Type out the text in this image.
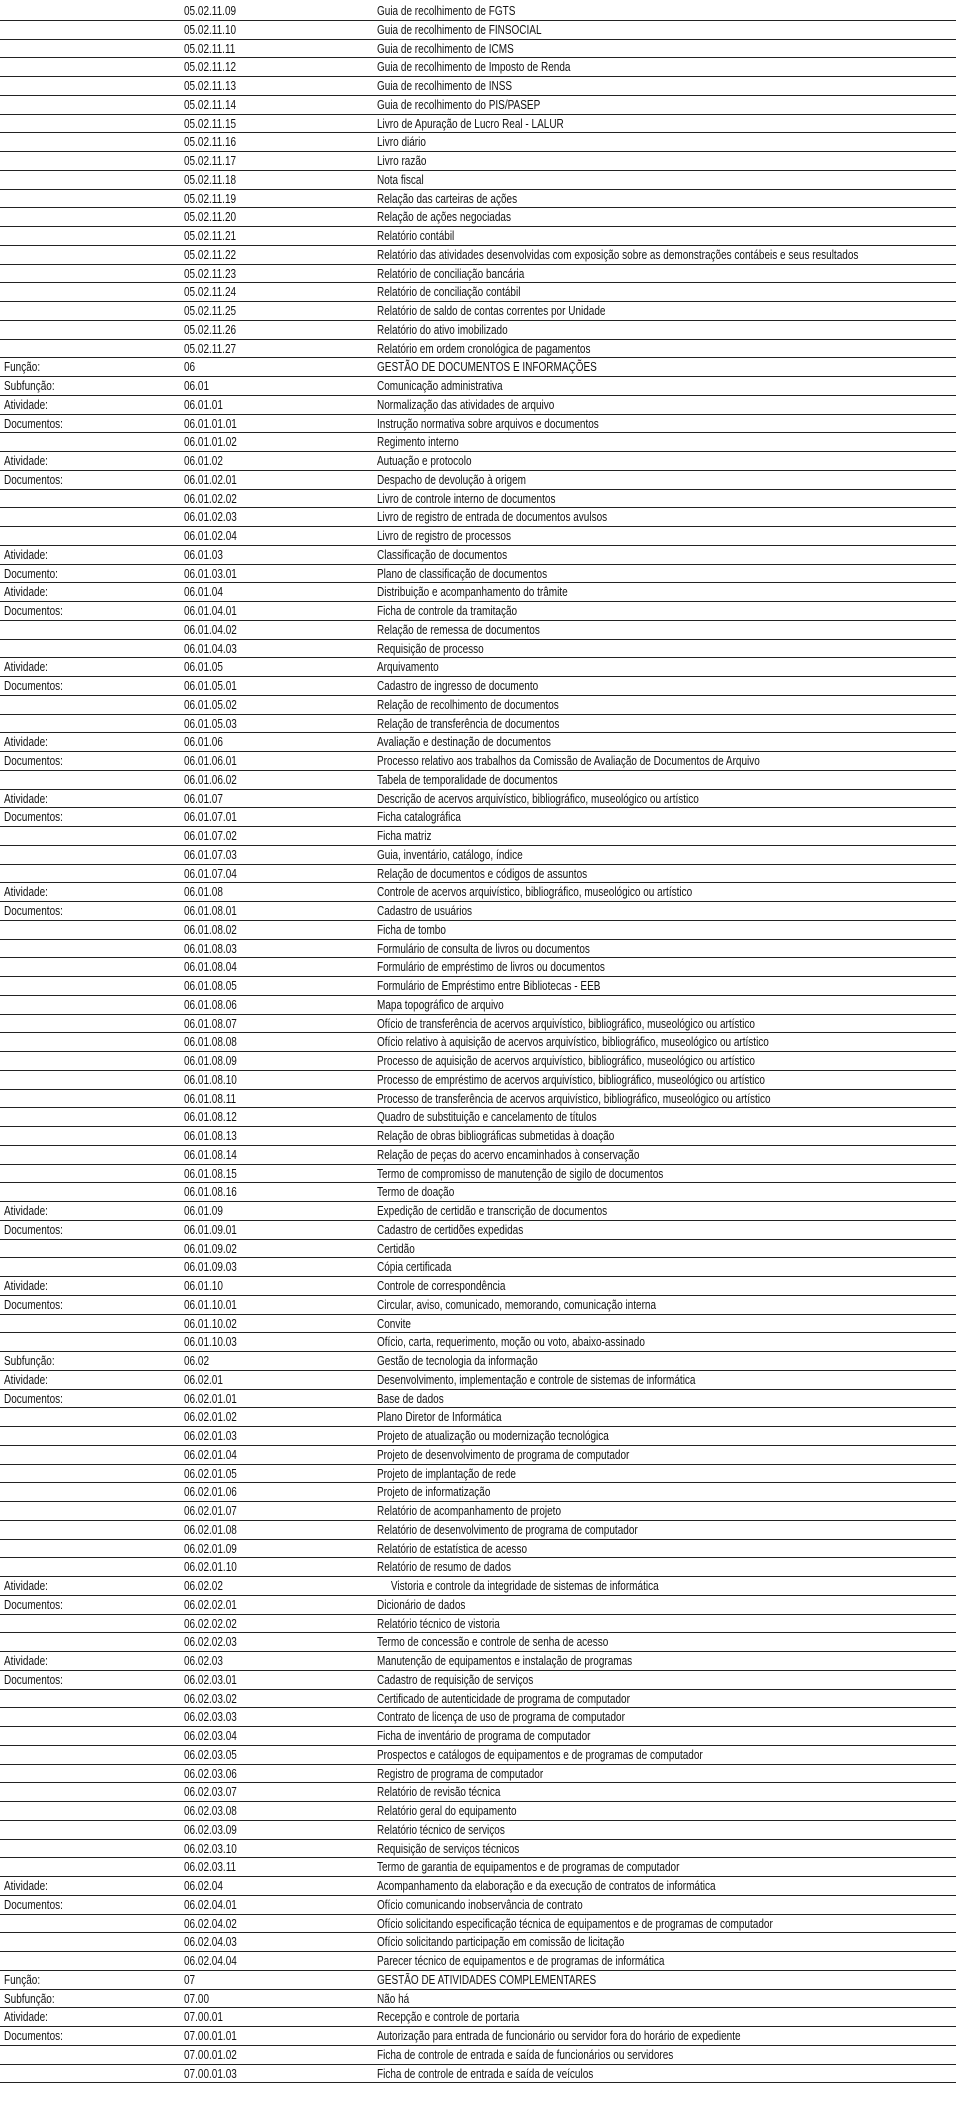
05.02.11.09	Guia de recolhimento de FGTS
05.02.11.10	Guia de recolhimento de FINSOCIAL
05.02.11.11	Guia de recolhimento de ICMS
05.02.11.12	Guia de recolhimento de Imposto de Renda
05.02.11.13	Guia de recolhimento de INSS
05.02.11.14	Guia de recolhimento do PIS/PASEP
05.02.11.15	Livro de Apuração de Lucro Real - LALUR
05.02.11.16	Livro diário
05.02.11.17	Livro razão
05.02.11.18	Nota fiscal
05.02.11.19	Relação das carteiras de ações
05.02.11.20	Relação de ações negociadas
05.02.11.21	Relatório contábil
05.02.11.22	Relatório das atividades desenvolvidas com exposição sobre as demonstrações contábeis e seus resultados
05.02.11.23	Relatório de conciliação bancária
05.02.11.24	Relatório de conciliação contábil
05.02.11.25	Relatório de saldo de contas correntes por Unidade
05.02.11.26	Relatório do ativo imobilizado
05.02.11.27	Relatório em ordem cronológica de pagamentos
Função:	06	GESTÃO DE DOCUMENTOS E INFORMAÇÕES
Subfunção:	06.01	Comunicação administrativa
Atividade:	06.01.01	Normalização das atividades de arquivo
Documentos:	06.01.01.01	Instrução normativa sobre arquivos e documentos
06.01.01.02	Regimento interno
Atividade:	06.01.02	Autuação e protocolo
Documentos:	06.01.02.01	Despacho de devolução à origem
06.01.02.02	Livro de controle interno de documentos
06.01.02.03	Livro de registro de entrada de documentos avulsos
06.01.02.04	Livro de registro de processos
Atividade:	06.01.03	Classificação de documentos
Documento:	06.01.03.01	Plano de classificação de documentos
Atividade:	06.01.04	Distribuição e acompanhamento do trâmite
Documentos:	06.01.04.01	Ficha de controle da tramitação
06.01.04.02	Relação de remessa de documentos
06.01.04.03	Requisição de processo
Atividade:	06.01.05	Arquivamento
Documentos:	06.01.05.01	Cadastro de ingresso de documento
06.01.05.02	Relação de recolhimento de documentos
06.01.05.03	Relação de transferência de documentos
Atividade:	06.01.06	Avaliação e destinação de documentos
Documentos:	06.01.06.01	Processo relativo aos trabalhos da Comissão de Avaliação de Documentos de Arquivo
06.01.06.02	Tabela de temporalidade de documentos
Atividade:	06.01.07	Descrição de acervos arquivístico, bibliográfico, museológico ou artístico
Documentos:	06.01.07.01	Ficha catalográfica
06.01.07.02	Ficha matriz
06.01.07.03	Guia, inventário, catálogo, índice
06.01.07.04	Relação de documentos e códigos de assuntos
Atividade:	06.01.08	Controle de acervos arquivístico, bibliográfico, museológico ou artístico
Documentos:	06.01.08.01	Cadastro de usuários
06.01.08.02	Ficha de tombo
06.01.08.03	Formulário de consulta de livros ou documentos
06.01.08.04	Formulário de empréstimo de livros ou documentos
06.01.08.05	Formulário de Empréstimo entre Bibliotecas - EEB
06.01.08.06	Mapa topográfico de arquivo
06.01.08.07	Ofício de transferência de acervos arquivístico, bibliográfico, museológico ou artístico
06.01.08.08	Ofício relativo à aquisição de acervos arquivístico, bibliográfico, museológico ou artístico
06.01.08.09	Processo de aquisição de acervos arquivístico, bibliográfico, museológico ou artístico
06.01.08.10	Processo de empréstimo de acervos arquivístico, bibliográfico, museológico ou artístico
06.01.08.11	Processo de transferência de acervos arquivístico, bibliográfico, museológico ou artístico
06.01.08.12	Quadro de substituição e cancelamento de títulos
06.01.08.13	Relação de obras bibliográficas submetidas à doação
06.01.08.14	Relação de peças do acervo encaminhados à conservação
06.01.08.15	Termo de compromisso de manutenção de sigilo de documentos
06.01.08.16	Termo de doação
Atividade:	06.01.09	Expedição de certidão e transcrição de documentos
Documentos:	06.01.09.01	Cadastro de certidões expedidas
06.01.09.02	Certidão
06.01.09.03	Cópia certificada
Atividade:	06.01.10	Controle de correspondência
Documentos:	06.01.10.01	Circular, aviso, comunicado, memorando, comunicação interna
06.01.10.02	Convite
06.01.10.03	Ofício, carta, requerimento, moção ou voto, abaixo-assinado
Subfunção:	06.02	Gestão de tecnologia da informação
Atividade:	06.02.01	Desenvolvimento, implementação e controle de sistemas de informática
Documentos:	06.02.01.01	Base de dados
06.02.01.02	Plano Diretor de Informática
06.02.01.03	Projeto de atualização ou modernização tecnológica
06.02.01.04	Projeto de desenvolvimento de programa de computador
06.02.01.05	Projeto de implantação de rede
06.02.01.06	Projeto de informatização
06.02.01.07	Relatório de acompanhamento de projeto
06.02.01.08	Relatório de desenvolvimento de programa de computador
06.02.01.09	Relatório de estatística de acesso
06.02.01.10	Relatório de resumo de dados
Atividade:	06.02.02	Vistoria e controle da integridade de sistemas de informática
Documentos:	06.02.02.01	Dicionário de dados
06.02.02.02	Relatório técnico de vistoria
06.02.02.03	Termo de concessão e controle de senha de acesso
Atividade:	06.02.03	Manutenção de equipamentos e instalação de programas
Documentos:	06.02.03.01	Cadastro de requisição de serviços
06.02.03.02	Certificado de autenticidade de programa de computador
06.02.03.03	Contrato de licença de uso de programa de computador
06.02.03.04	Ficha de inventário de programa de computador
06.02.03.05	Prospectos e catálogos de equipamentos e de programas de computador
06.02.03.06	Registro de programa de computador
06.02.03.07	Relatório de revisão técnica
06.02.03.08	Relatório geral do equipamento
06.02.03.09	Relatório técnico de serviços
06.02.03.10	Requisição de serviços técnicos
06.02.03.11	Termo de garantia de equipamentos e de programas de computador
Atividade:	06.02.04	Acompanhamento da elaboração e da execução de contratos de informática
Documentos:	06.02.04.01	Ofício comunicando inobservância de contrato
06.02.04.02	Ofício solicitando especificação técnica de equipamentos e de programas de computador
06.02.04.03	Ofício solicitando participação em comissão de licitação
06.02.04.04	Parecer técnico de equipamentos e de programas de informática
Função:	07	GESTÃO DE ATIVIDADES COMPLEMENTARES
Subfunção:	07.00	Não há
Atividade:	07.00.01	Recepção e controle de portaria
Documentos:	07.00.01.01	Autorização para entrada de funcionário ou servidor fora do horário de expediente
07.00.01.02	Ficha de controle de entrada e saída de funcionários ou servidores
07.00.01.03	Ficha de controle de entrada e saída de veículos
